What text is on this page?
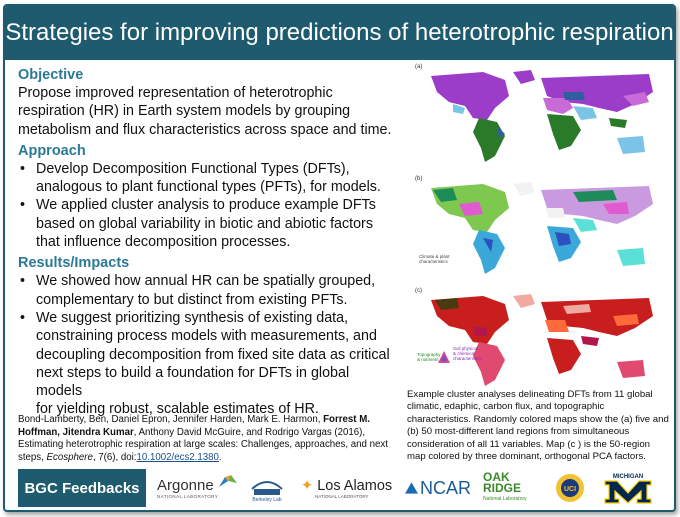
Strategies for improving predictions of heterotrophic respiration
Objective
Propose improved representation of heterotrophic
respiration (HR) in Earth system models by grouping
metabolism and flux characteristics across space and time.
Approach
• Develop Decomposition Functional Types (DFTs),
analogous to plant functional types (PFTs), for models.
• We applied cluster analysis to produce example DFTs
based on global variability in biotic and abiotic factors
that influence decomposition processes.
Results/Impacts
• We showed how annual HR can be spatially grouped,
complementary to but distinct from existing PFTs.
• We suggest prioritizing synthesis of existing data,
constraining process models with measurements, and
decoupling decomposition from fixed site data as critical
next steps to build a foundation for DFTs in global models
for yielding robust, scalable estimates of HR.
Bond-Lamberty, Ben, Daniel Epron, Jennifer Harden, Mark E. Harmon, Forrest M. Hoffman, Jitendra Kumar, Anthony David McGuire, and Rodrigo Vargas (2016), Estimating heterotrophic respiration at large scales: Challenges, approaches, and next steps, Ecosphere, 7(6), doi:10.1002/ecs2.1380.
(a)
(b)
Climate & plant
characteristics
(c)
Topography
& nutrients
Soil physical
& chemical
characteristics
Example cluster analyses delineating DFTs from 11 global climatic, edaphic, carbon flux, and topographic characteristics. Randomly colored maps show the (a) five and (b) 50 most-different land regions from simultaneous consideration of all 11 variables. Map (c ) is the 50-region map colored by three dominant, orthogonal PCA factors.
BGC Feedbacks	Argonne
NATIONAL LABORATORY
Berkeley Lab
✦ Los Alamos
NATIONAL LABORATORY	NCAR
OAK
RIDGE
National Laboratory
UCI
MICHIGAN
